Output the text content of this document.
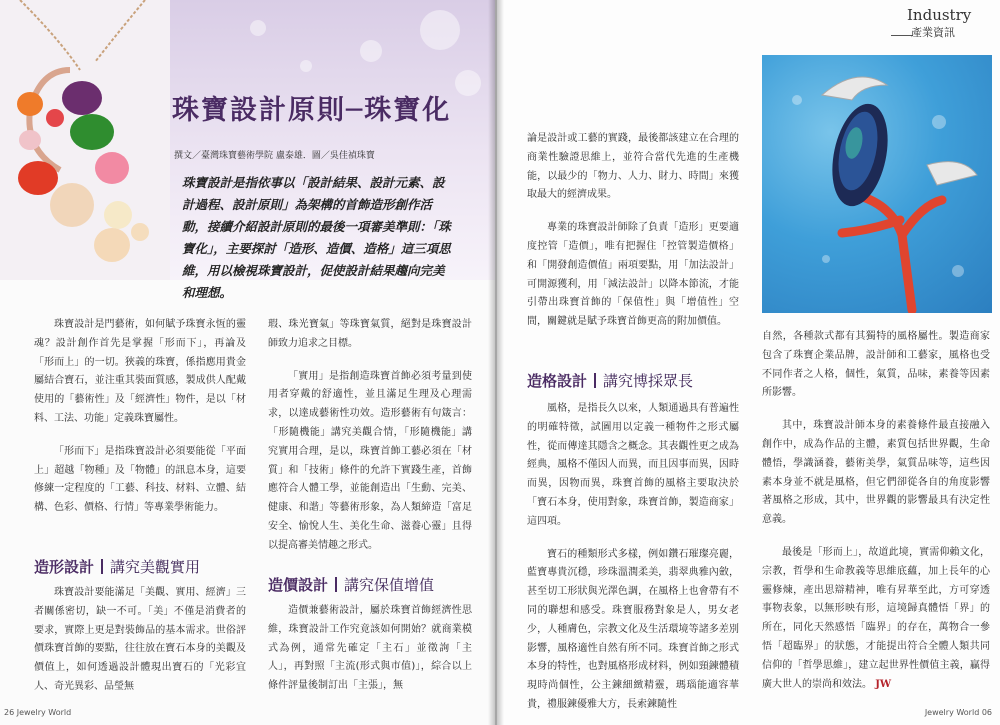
珠寶設計原則─珠寶化
撰文／臺灣珠寶藝術學院 盧泰雄．圖／吳佳禎珠寶
珠寶設計是指依事以「設計結果、設計元素、設計過程、設計原則」為架構的首飾造形創作活動，接續介紹設計原則的最後一項審美準則：「珠寶化」，主要探討「造形、造價、造格」這三項思維，用以檢視珠寶設計，促使設計結果趨向完美和理想。

珠寶設計是門藝術，如何賦予珠寶永恆的靈魂？設計創作首先是掌握「形而下」，再論及「形而上」的一切。狹義的珠寶，係指應用貴金屬結合寶石，並注重其裝面質感，製成供人配戴使用的「藝術性」及「經濟性」物件，是以「材料、工法、功能」定義珠寶屬性。

「形而下」是指珠寶設計必須要能從「平面上」超越「物種」及「物體」的訊息本身，這要修練一定程度的「工藝、科技、材料、立體、結構、色彩、價格、行情」等專業學術能力。

造形設計 講究美觀實用

珠寶設計要能滿足「美觀、實用、經濟」三者關係密切，缺一不可。「美」不僅是消費者的要求，實際上更是對裝飾品的基本需求。世俗評價珠寶首飾的要點，往往放在寶石本身的美觀及價值上，如何透過設計體現出寶石的「光彩宜人、奇光異彩、品瑩無

瑕、珠光寶氣」等珠寶氣質，絕對是珠寶設計師致力追求之目標。

「實用」是指創造珠寶首飾必須考量到使用者穿戴的舒適性，並且滿足生理及心理需求，以達成藝術性功效。造形藝術有句箴言：「形隨機能」講究美觀合情，「形隨機能」講究實用合理，是以，珠寶首飾工藝必須在「材質」和「技術」條件的允許下實踐生產，首飾應符合人體工學，並能創造出「生動、完美、健康、和諧」等藝術形象，為人類締造「富足安全、愉悅人生、美化生命、滋養心靈」且得以提高審美情趣之形式。

造價設計 講究保值增值

造價兼藝術設計，屬於珠寶首飾經濟性思維，珠寶設計工作究竟該如何開始？就商業模式為例，通常先確定「主石」並徵詢「主人」，再對照「主流(形式與市值)」，綜合以上條件評量後制訂出「主張」，無

26 Jewelry World
Industry
產業資訊

論是設計或工藝的實踐，最後都該建立在合理的商業性驗證思維上，並符合當代先進的生產機能，以最少的「物力、人力、財力、時間」來獲取最大的經濟成果。

專業的珠寶設計師除了負責「造形」更要適度控管「造價」，唯有把握住「控管製造價格」和「開發創造價值」兩項要點，用「加法設計」可開源獲利，用「減法設計」以降本節流，才能引帶出珠寶首飾的「保值性」與「增值性」空間，關鍵就是賦予珠寶首飾更高的附加價值。

造格設計 講究博採眾長

風格，是指長久以來，人類通過具有普遍性的明確特徵，試圖用以定義一種物件之形式屬性，從而傳達其隱含之概念。其表觀性更之成為經典，風格不僅因人而異，而且因事而異，因時而異，因物而異，珠寶首飾的風格主要取決於「寶石本身，使用對象，珠寶首飾，製造商家」這四項。

寶石的種類形式多樣，例如鑽石璀璨亮麗，藍寶專貴沉穩，珍珠溫潤柔美，翡翠典雅內斂，甚至切工形狀與光澤色調，在風格上也會帶有不同的聯想和感受。珠寶服務對象是人，男女老少，人種膚色，宗教文化及生活環境等諸多差別影響，風格適性自然有所不同。珠寶首飾之形式本身的特性，也對風格形成材料，例如頸鍊體積現時尚個性，公主鍊細緻精靈，瑪瑙能適容華貴，禮服鍊優雅大方，長索鍊隨性

自然，各種款式都有其獨特的風格屬性。製造商家包含了珠寶企業品牌，設計師和工藝家，風格也受不同作者之人格，個性，氣質，品味，素養等因素所影響。

其中，珠寶設計師本身的素養條件最直接融入創作中，成為作品的主體，素質包括世界觀，生命體悟，學識涵養，藝術美學，氣質品味等，這些因素本身並不就是風格，但它們卻從各自的角度影響著風格之形成，其中，世界觀的影響最具有決定性意義。

最後是「形而上」，故道此境，實需仰賴文化，宗教，哲學和生命教義等思維底蘊，加上長年的心靈修煉，產出思辯精神，唯有昇華至此，方可穿透事物表象，以無形映有形，這境歸真體悟「界」的所在，同化天然感悟「臨界」的存在，萬物合一參悟「超臨界」的狀態，才能提出符合全體人類共同信仰的「哲學思維」，建立起世界性價值主義，贏得廣大世人的崇尚和效法。 JW

Jewelry World 06
